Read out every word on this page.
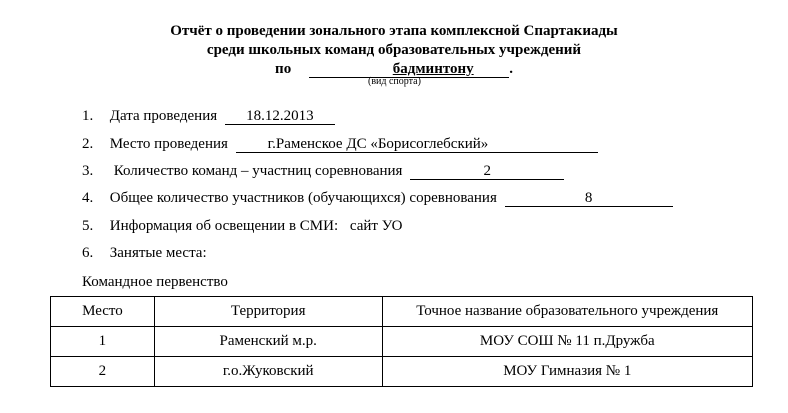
Отчёт о проведении зонального этапа комплексной Спартакиады
среди школьных команд образовательных учреждений
по	бадминтону .
(вид спорта)
1. Дата проведения 18.12.2013
2. Место проведения	г.Раменское ДС «Борисоглебский»
3. Количество команд – участниц соревнования	2
4. Общее количество участников (обучающихся) соревнования	8
5. Информация об освещении в СМИ: сайт УО
6. Занятые места:
Командное первенство
Место	Территория	Точное название образовательного учреждения
1	Раменский м.р.	МОУ СОШ № 11 п.Дружба
2	г.о.Жуковский	МОУ Гимназия № 1
